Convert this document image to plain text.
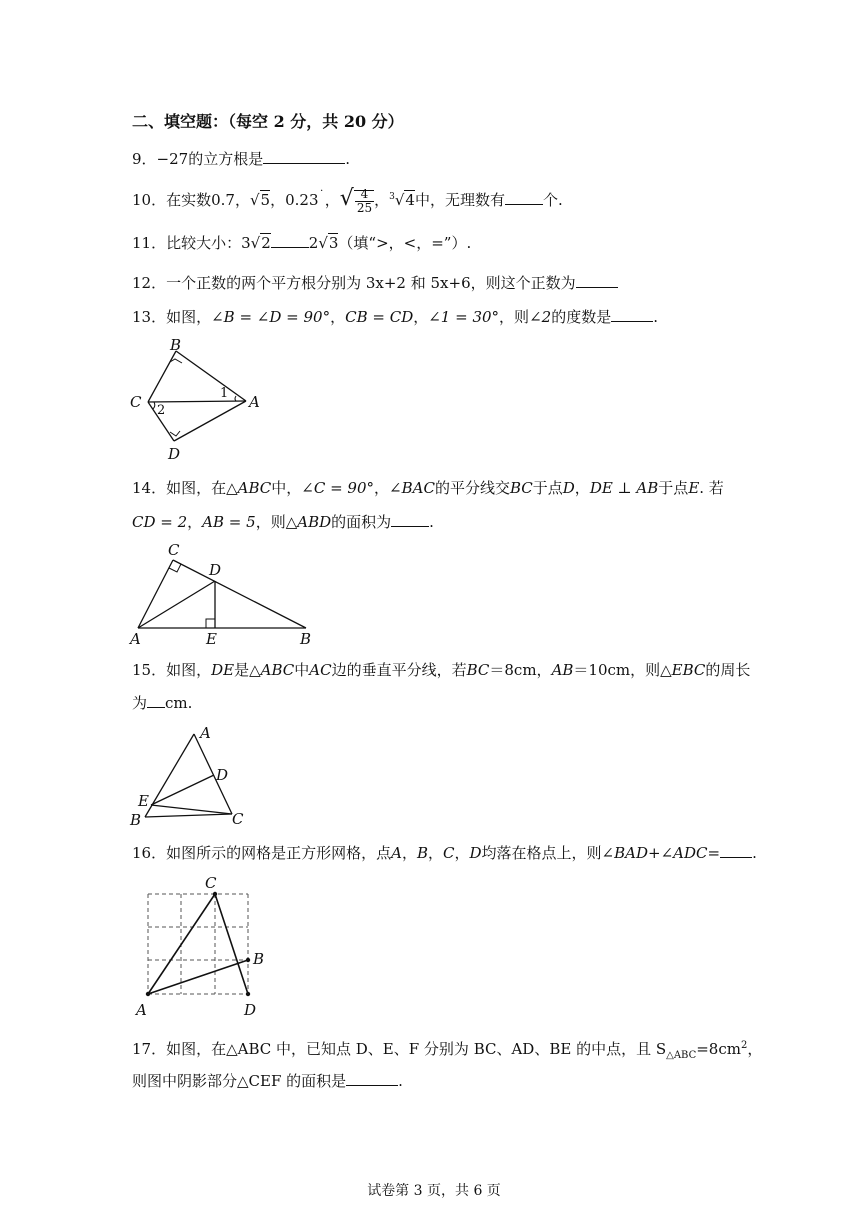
二、填空题：（每空 2 分，共 20 分）
9．−27的立方根是	.
10．在实数0.7，√5，0.23˙，√ $\frac{4}{25}$ ，$^3$√4中，无理数有	个.
11．比较大小：3√2	2√3（填“>，<，=”）.
12．一个正数的两个平方根分别为 3x+2 和 5x+6，则这个正数为
13．如图，∠B = ∠D = 90°，CB = CD，∠1 = 30°，则∠2的度数是	.
B
C	A
D
1
2
14．如图，在△ABC中，∠C = 90°，∠BAC的平分线交BC于点D，DE ⊥ AB于点E. 若
CD = 2，AB = 5，则△ABD的面积为	.
C
D
A	E	B
15．如图，DE是△ABC中AC边的垂直平分线，若BC＝8cm，AB＝10cm，则△EBC的周长
为 cm.
A
D
E
B	C
16．如图所示的网格是正方形网格，点A，B，C，D均落在格点上，则∠BAD+∠ADC= .
C
B
A	D
17．如图，在△ABC 中，已知点 D、E、F 分别为 BC、AD、BE 的中点，且 $S_{\triangle ABC}=8cm^2$，
则图中阴影部分△CEF 的面积是	.
试卷第 3 页，共 6 页
